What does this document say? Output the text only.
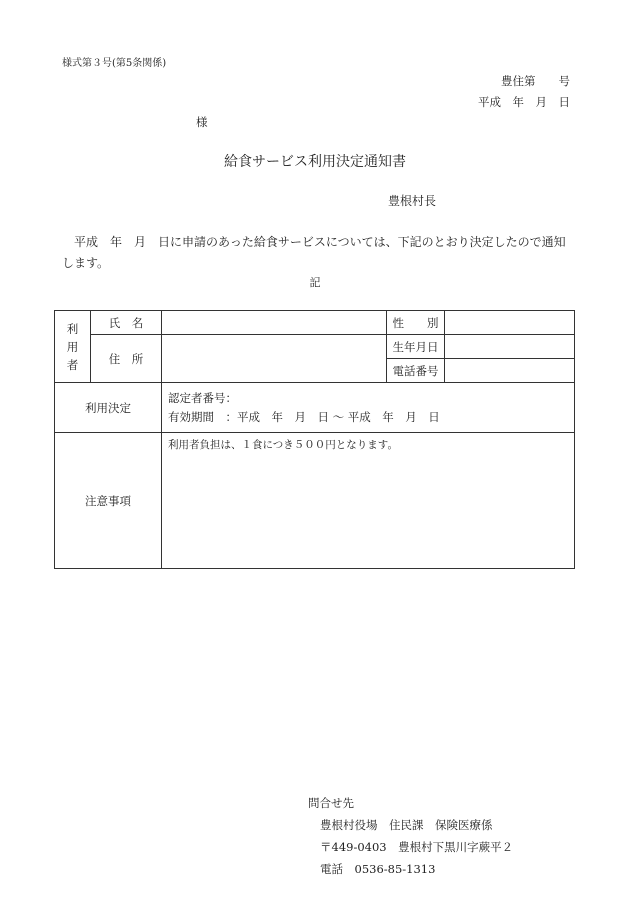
様式第３号(第5条関係)
豊住第　　号
平成　年　月　日
様
給食サービス利用決定通知書
豊根村長
　平成　年　月　日に申請のあった給食サービスについては、下記のとおり決定したので通知します。
記
利
用
者	氏　名		性　　別	
	住　所		生年月日	
			電話番号	
利用決定		認定者番号：
有効期間　：平成　年　月　日 〜 平成　年　月　日		

注意事項		利用者負担は、１食につき５００円となります。		
問合せ先
豊根村役場　住民課　保険医療係
〒449-0403　豊根村下黒川字蕨平２
電話　0536-85-1313
